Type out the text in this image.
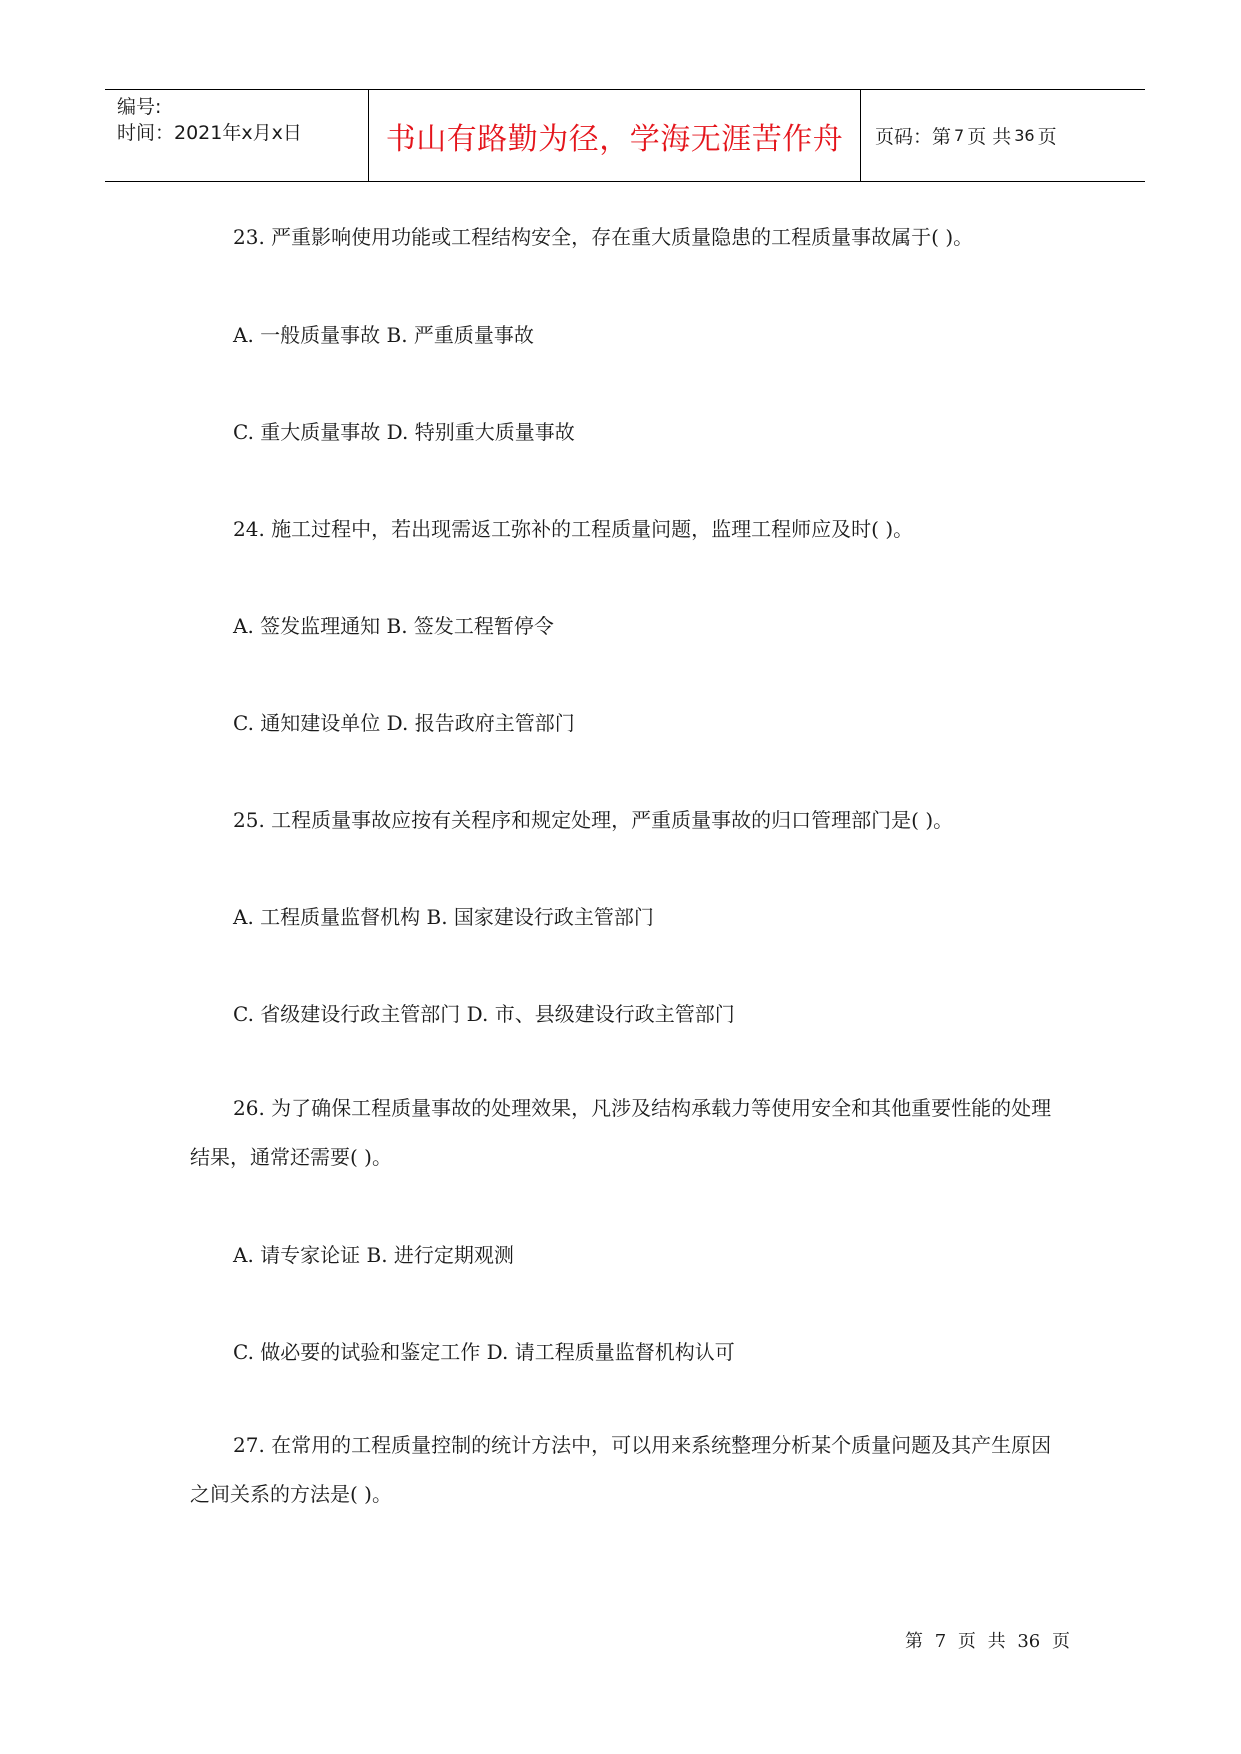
编号:
时间：2021年x月x日	书山有路勤为径，学海无涯苦作舟 页码：第 7 页 共 36 页
23. 严重影响使用功能或工程结构安全，存在重大质量隐患的工程质量事故属于( )。
A. 一般质量事故 B. 严重质量事故
C. 重大质量事故 D. 特别重大质量事故
24. 施工过程中，若出现需返工弥补的工程质量问题，监理工程师应及时( )。
A. 签发监理通知 B. 签发工程暂停令
C. 通知建设单位 D. 报告政府主管部门
25. 工程质量事故应按有关程序和规定处理，严重质量事故的归口管理部门是( )。
A. 工程质量监督机构 B. 国家建设行政主管部门
C. 省级建设行政主管部门 D. 市、县级建设行政主管部门
26. 为了确保工程质量事故的处理效果，凡涉及结构承载力等使用安全和其他重要性能的处理结果，通常还需要( )。
A. 请专家论证 B. 进行定期观测
C. 做必要的试验和鉴定工作 D. 请工程质量监督机构认可
27. 在常用的工程质量控制的统计方法中，可以用来系统整理分析某个质量问题及其产生原因之间关系的方法是( )。
第 7 页 共 36 页
